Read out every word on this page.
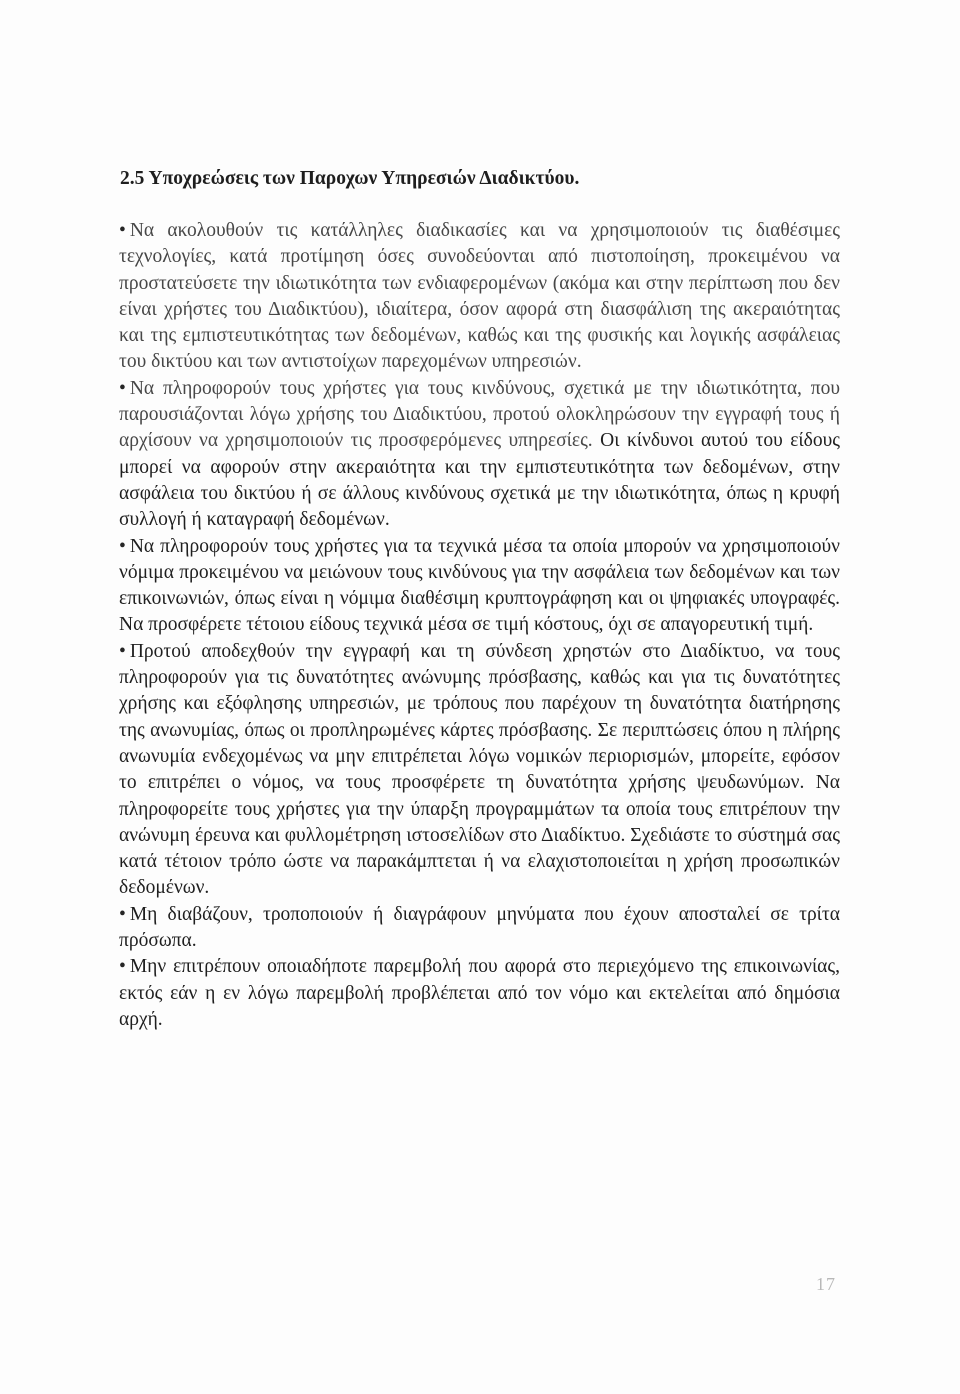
2.5 Υποχρεώσεις των Παροχων Υπηρεσιών Διαδικτύου.

• Να ακολουθούν τις κατάλληλες διαδικασίες και να χρησιμοποιούν τις διαθέσιμες τεχνολογίες, κατά προτίμηση όσες συνοδεύονται από πιστοποίηση, προκειμένου να προστατεύσετε την ιδιωτικότητα των ενδιαφερομένων (ακόμα και στην περίπτωση που δεν είναι χρήστες του Διαδικτύου), ιδιαίτερα, όσον αφορά στη διασφάλιση της ακεραιότητας και της εμπιστευτικότητας των δεδομένων, καθώς και της φυσικής και λογικής ασφάλειας του δικτύου και των αντιστοίχων παρεχομένων υπηρεσιών.

• Να πληροφορούν τους χρήστες για τους κινδύνους, σχετικά με την ιδιωτικότητα, που παρουσιάζονται λόγω χρήσης του Διαδικτύου, προτού ολοκληρώσουν την εγγραφή τους ή αρχίσουν να χρησιμοποιούν τις προσφερόμενες υπηρεσίες. Οι κίνδυνοι αυτού του είδους μπορεί να αφορούν στην ακεραιότητα και την εμπιστευτικότητα των δεδομένων, στην ασφάλεια του δικτύου ή σε άλλους κινδύνους σχετικά με την ιδιωτικότητα, όπως η κρυφή συλλογή ή καταγραφή δεδομένων.

• Να πληροφορούν τους χρήστες για τα τεχνικά μέσα τα οποία μπορούν να χρησιμοποιούν νόμιμα προκειμένου να μειώνουν τους κινδύνους για την ασφάλεια των δεδομένων και των επικοινωνιών, όπως είναι η νόμιμα διαθέσιμη κρυπτογράφηση και οι ψηφιακές υπογραφές. Να προσφέρετε τέτοιου είδους τεχνικά μέσα σε τιμή κόστους, όχι σε απαγορευτική τιμή.

• Προτού αποδεχθούν την εγγραφή και τη σύνδεση χρηστών στο Διαδίκτυο, να τους πληροφορούν για τις δυνατότητες ανώνυμης πρόσβασης, καθώς και για τις δυνατότητες χρήσης και εξόφλησης υπηρεσιών, με τρόπους που παρέχουν τη δυνατότητα διατήρησης της ανωνυμίας, όπως οι προπληρωμένες κάρτες πρόσβασης. Σε περιπτώσεις όπου η πλήρης ανωνυμία ενδεχομένως να μην επιτρέπεται λόγω νομικών περιορισμών, μπορείτε, εφόσον το επιτρέπει ο νόμος, να τους προσφέρετε τη δυνατότητα χρήσης ψευδωνύμων. Να πληροφορείτε τους χρήστες για την ύπαρξη προγραμμάτων τα οποία τους επιτρέπουν την ανώνυμη έρευνα και φυλλομέτρηση ιστοσελίδων στο Διαδίκτυο. Σχεδιάστε το σύστημά σας κατά τέτοιον τρόπο ώστε να παρακάμπτεται ή να ελαχιστοποιείται η χρήση προσωπικών δεδομένων.

• Μη διαβάζουν, τροποποιούν ή διαγράφουν μηνύματα που έχουν αποσταλεί σε τρίτα πρόσωπα.

• Μην επιτρέπουν οποιαδήποτε παρεμβολή που αφορά στο περιεχόμενο της επικοινωνίας, εκτός εάν η εν λόγω παρεμβολή προβλέπεται από τον νόμο και εκτελείται από δημόσια αρχή.

17
